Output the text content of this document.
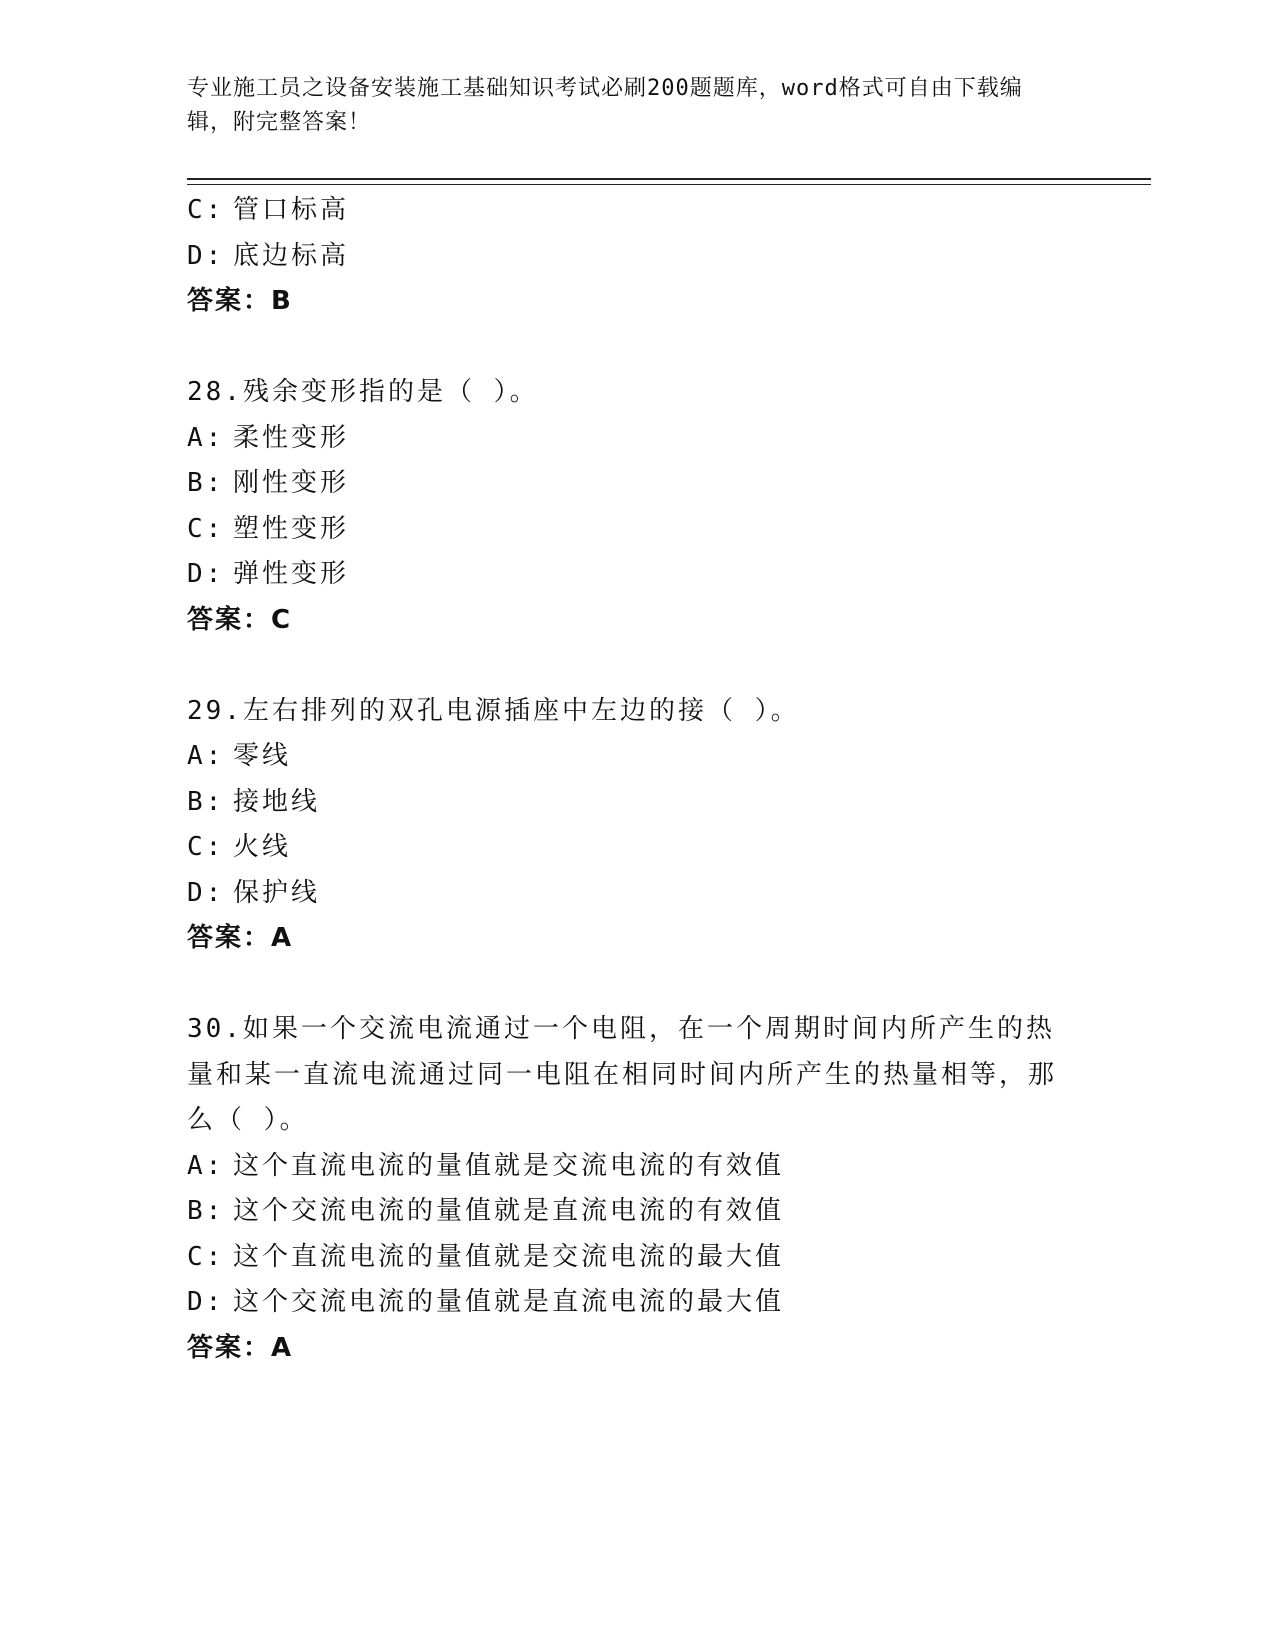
专业施工员之设备安装施工基础知识考试必刷200题题库，word格式可自由下载编辑，附完整答案！
C: 管口标高
D: 底边标高
答案：B
28.残余变形指的是（ ）。
A: 柔性变形
B: 刚性变形
C: 塑性变形
D: 弹性变形
答案：C
29.左右排列的双孔电源插座中左边的接（ ）。
A: 零线
B: 接地线
C: 火线
D: 保护线
答案：A
30.如果一个交流电流通过一个电阻，在一个周期时间内所产生的热量和某一直流电流通过同一电阻在相同时间内所产生的热量相等，那么（ ）。
A: 这个直流电流的量值就是交流电流的有效值
B: 这个交流电流的量值就是直流电流的有效值
C: 这个直流电流的量值就是交流电流的最大值
D: 这个交流电流的量值就是直流电流的最大值
答案：A
